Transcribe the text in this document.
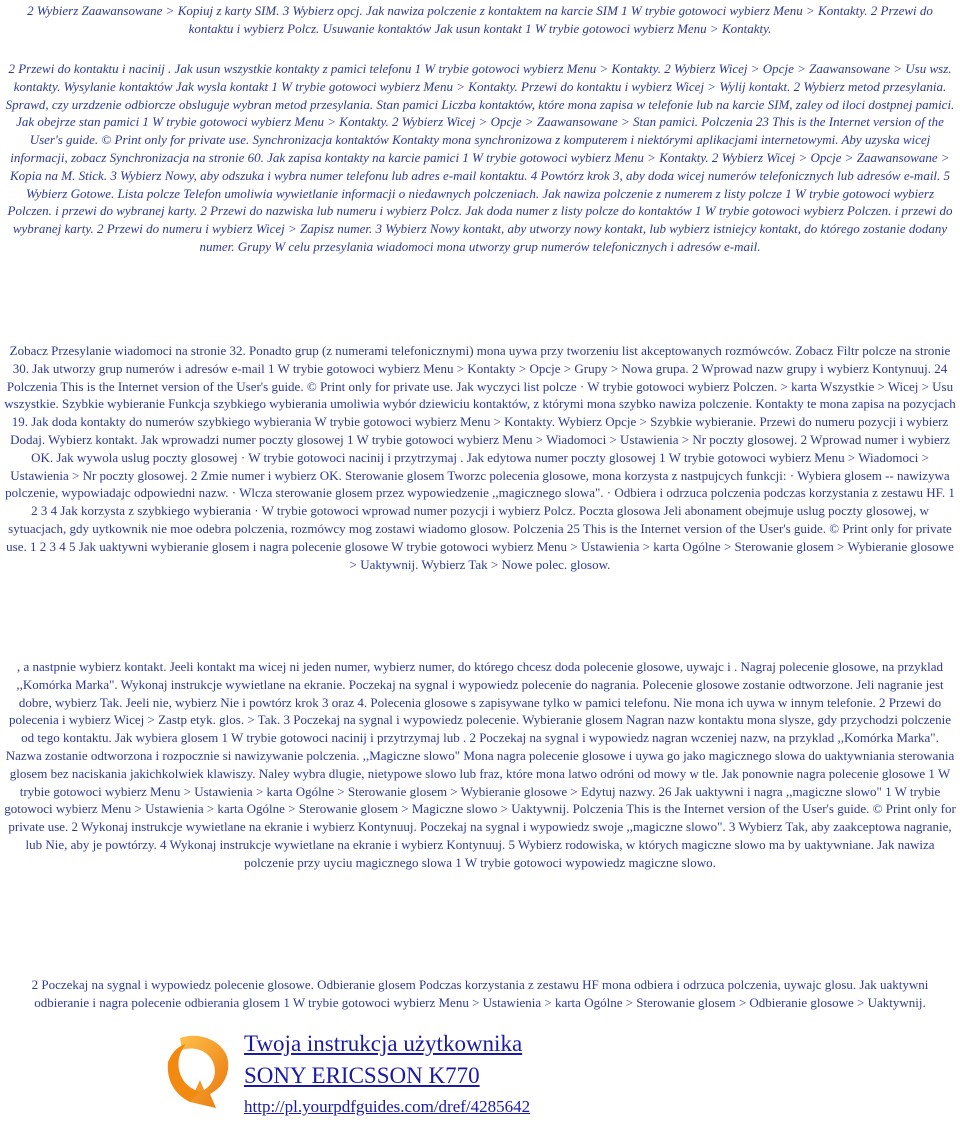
2 Wybierz Zaawansowane > Kopiuj z karty SIM. 3 Wybierz opcj. Jak nawiza polczenie z kontaktem na karcie SIM 1 W trybie gotowoci wybierz Menu > Kontakty. 2 Przewi do kontaktu i wybierz Polcz. Usuwanie kontaktów Jak usun kontakt 1 W trybie gotowoci wybierz Menu > Kontakty.

2 Przewi do kontaktu i nacinij . Jak usun wszystkie kontakty z pamici telefonu 1 W trybie gotowoci wybierz Menu > Kontakty. 2 Wybierz Wicej > Opcje > Zaawansowane > Usu wsz. kontakty. Wysylanie kontaktów Jak wysla kontakt 1 W trybie gotowoci wybierz Menu > Kontakty. Przewi do kontaktu i wybierz Wicej > Wylij kontakt. 2 Wybierz metod przesylania. Sprawd, czy urzdzenie odbiorcze obsluguje wybran metod przesylania. Stan pamici Liczba kontaktów, które mona zapisa w telefonie lub na karcie SIM, zaley od iloci dostpnej pamici. Jak obejrze stan pamici 1 W trybie gotowoci wybierz Menu > Kontakty. 2 Wybierz Wicej > Opcje > Zaawansowane > Stan pamici. Polczenia 23 This is the Internet version of the User's guide. © Print only for private use. Synchronizacja kontaktów Kontakty mona synchronizowa z komputerem i niektórymi aplikacjami internetowymi. Aby uzyska wicej informacji, zobacz Synchronizacja na stronie 60. Jak zapisa kontakty na karcie pamici 1 W trybie gotowoci wybierz Menu > Kontakty. 2 Wybierz Wicej > Opcje > Zaawansowane > Kopia na M. Stick. 3 Wybierz Nowy, aby odszuka i wybra numer telefonu lub adres e-mail kontaktu. 4 Powtórz krok 3, aby doda wicej numerów telefonicznych lub adresów e-mail. 5 Wybierz Gotowe. Lista polcze Telefon umoliwia wywietlanie informacji o niedawnych polczeniach. Jak nawiza polczenie z numerem z listy polcze 1 W trybie gotowoci wybierz Polczen. i przewi do wybranej karty. 2 Przewi do nazwiska lub numeru i wybierz Polcz. Jak doda numer z listy polcze do kontaktów 1 W trybie gotowoci wybierz Polczen. i przewi do wybranej karty. 2 Przewi do numeru i wybierz Wicej > Zapisz numer. 3 Wybierz Nowy kontakt, aby utworzy nowy kontakt, lub wybierz istniejcy kontakt, do którego zostanie dodany numer. Grupy W celu przesylania wiadomoci mona utworzy grup numerów telefonicznych i adresów e-mail.

Zobacz Przesylanie wiadomoci na stronie 32. Ponadto grup (z numerami telefonicznymi) mona uywa przy tworzeniu list akceptowanych rozmówców. Zobacz Filtr polcze na stronie 30. Jak utworzy grup numerów i adresów e-mail 1 W trybie gotowoci wybierz Menu > Kontakty > Opcje > Grupy > Nowa grupa. 2 Wprowad nazw grupy i wybierz Kontynuuj. 24 Polczenia This is the Internet version of the User's guide. © Print only for private use. Jak wyczyci list polcze · W trybie gotowoci wybierz Polczen. > karta Wszystkie > Wicej > Usu wszystkie. Szybkie wybieranie Funkcja szybkiego wybierania umoliwia wybór dziewiciu kontaktów, z którymi mona szybko nawiza polczenie. Kontakty te mona zapisa na pozycjach 19. Jak doda kontakty do numerów szybkiego wybierania W trybie gotowoci wybierz Menu > Kontakty. Wybierz Opcje > Szybkie wybieranie. Przewi do numeru pozycji i wybierz Dodaj. Wybierz kontakt. Jak wprowadzi numer poczty glosowej 1 W trybie gotowoci wybierz Menu > Wiadomoci > Ustawienia > Nr poczty glosowej. 2 Wprowad numer i wybierz OK. Jak wywola uslug poczty glosowej · W trybie gotowoci nacinij i przytrzymaj . Jak edytowa numer poczty glosowej 1 W trybie gotowoci wybierz Menu > Wiadomoci > Ustawienia > Nr poczty glosowej. 2 Zmie numer i wybierz OK. Sterowanie glosem Tworzc polecenia glosowe, mona korzysta z nastpujcych funkcji: · Wybiera glosem -- nawizywa polczenie, wypowiadajc odpowiedni nazw. · Wlcza sterowanie glosem przez wypowiedzenie ,,magicznego slowa". · Odbiera i odrzuca polczenia podczas korzystania z zestawu HF. 1 2 3 4 Jak korzysta z szybkiego wybierania · W trybie gotowoci wprowad numer pozycji i wybierz Polcz. Poczta glosowa Jeli abonament obejmuje uslug poczty glosowej, w sytuacjach, gdy uytkownik nie moe odebra polczenia, rozmówcy mog zostawi wiadomo glosow. Polczenia 25 This is the Internet version of the User's guide. © Print only for private use. 1 2 3 4 5 Jak uaktywni wybieranie glosem i nagra polecenie glosowe W trybie gotowoci wybierz Menu > Ustawienia > karta Ogólne > Sterowanie glosem > Wybieranie glosowe > Uaktywnij. Wybierz Tak > Nowe polec. glosow.

, a nastpnie wybierz kontakt. Jeeli kontakt ma wicej ni jeden numer, wybierz numer, do którego chcesz doda polecenie glosowe, uywajc i . Nagraj polecenie glosowe, na przyklad ,,Komórka Marka". Wykonaj instrukcje wywietlane na ekranie. Poczekaj na sygnal i wypowiedz polecenie do nagrania. Polecenie glosowe zostanie odtworzone. Jeli nagranie jest dobre, wybierz Tak. Jeeli nie, wybierz Nie i powtórz krok 3 oraz 4. Polecenia glosowe s zapisywane tylko w pamici telefonu. Nie mona ich uywa w innym telefonie. 2 Przewi do polecenia i wybierz Wicej > Zastp etyk. glos. > Tak. 3 Poczekaj na sygnal i wypowiedz polecenie. Wybieranie glosem Nagran nazw kontaktu mona slysze, gdy przychodzi polczenie od tego kontaktu. Jak wybiera glosem 1 W trybie gotowoci nacinij i przytrzymaj lub . 2 Poczekaj na sygnal i wypowiedz nagran wczeniej nazw, na przyklad ,,Komórka Marka". Nazwa zostanie odtworzona i rozpocznie si nawizywanie polczenia. ,,Magiczne slowo" Mona nagra polecenie glosowe i uywa go jako magicznego slowa do uaktywniania sterowania glosem bez naciskania jakichkolwiek klawiszy. Naley wybra dlugie, nietypowe slowo lub fraz, które mona latwo odróni od mowy w tle. Jak ponownie nagra polecenie glosowe 1 W trybie gotowoci wybierz Menu > Ustawienia > karta Ogólne > Sterowanie glosem > Wybieranie glosowe > Edytuj nazwy. 26 Jak uaktywni i nagra ,,magiczne slowo" 1 W trybie gotowoci wybierz Menu > Ustawienia > karta Ogólne > Sterowanie glosem > Magiczne slowo > Uaktywnij. Polczenia This is the Internet version of the User's guide. © Print only for private use. 2 Wykonaj instrukcje wywietlane na ekranie i wybierz Kontynuuj. Poczekaj na sygnal i wypowiedz swoje ,,magiczne slowo". 3 Wybierz Tak, aby zaakceptowa nagranie, lub Nie, aby je powtórzy. 4 Wykonaj instrukcje wywietlane na ekranie i wybierz Kontynuuj. 5 Wybierz rodowiska, w których magiczne slowo ma by uaktywniane. Jak nawiza polczenie przy uyciu magicznego slowa 1 W trybie gotowoci wypowiedz magiczne slowo.

2 Poczekaj na sygnal i wypowiedz polecenie glosowe. Odbieranie glosem Podczas korzystania z zestawu HF mona odbiera i odrzuca polczenia, uywajc glosu. Jak uaktywni odbieranie i nagra polecenie odbierania glosem 1 W trybie gotowoci wybierz Menu > Ustawienia > karta Ogólne > Sterowanie glosem > Odbieranie glosowe > Uaktywnij.

Twoja instrukcja użytkownika
SONY ERICSSON K770
http://pl.yourpdfguides.com/dref/4285642
